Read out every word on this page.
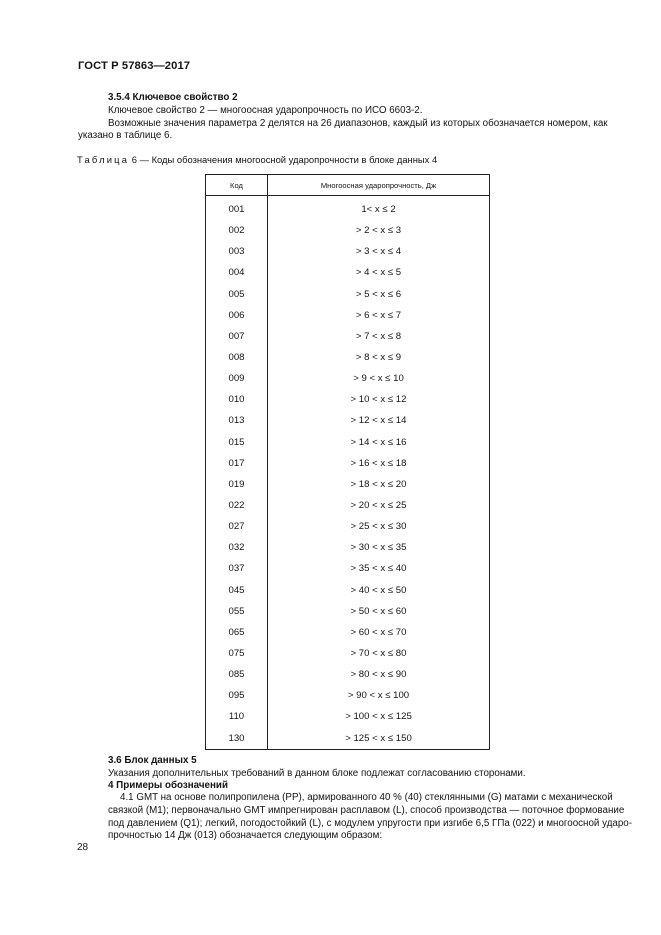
ГОСТ Р 57863—2017
3.5.4 Ключевое свойство 2
Ключевое свойство 2 — многоосная ударопрочность по ИСО 6603-2.
Возможные значения параметра 2 делятся на 26 диапазонов, каждый из которых обозначается номером, как
указано в таблице 6.
Таблица 6 — Коды обозначения многоосной ударопрочности в блоке данных 4
Код	Многоосная ударопрочность, Дж
001	1< x ≤ 2
002	> 2 < x ≤ 3
003	> 3 < x ≤ 4
004	> 4 < x ≤ 5
005	> 5 < x ≤ 6
006	> 6 < x ≤ 7
007	> 7 < x ≤ 8
008	> 8 < x ≤ 9
009	> 9 < x ≤ 10
010	> 10 < x ≤ 12
013	> 12 < x ≤ 14
015	> 14 < x ≤ 16
017	> 16 < x ≤ 18
019	> 18 < x ≤ 20
022	> 20 < x ≤ 25
027	> 25 < x ≤ 30
032	> 30 < x ≤ 35
037	> 35 < x ≤ 40
045	> 40 < x ≤ 50
055	> 50 < x ≤ 60
065	> 60 < x ≤ 70
075	> 70 < x ≤ 80
085	> 80 < x ≤ 90
095	> 90 < x ≤ 100
110	> 100 < x ≤ 125
130	> 125 < x ≤ 150
3.6 Блок данных 5
Указания дополнительных требований в данном блоке подлежат согласованию сторонами.
4 Примеры обозначений
4.1 GMT на основе полипропилена (PP), армированного 40 % (40) стеклянными (G) матами с механической
связкой (M1); первоначально GMT импрегнирован расплавом (L), способ производства — поточное формование
под давлением (Q1); легкий, погодостойкий (L), с модулем упругости при изгибе 6,5 ГПа (022) и многоосной ударо-
прочностью 14 Дж (013) обозначается следующим образом:
28
